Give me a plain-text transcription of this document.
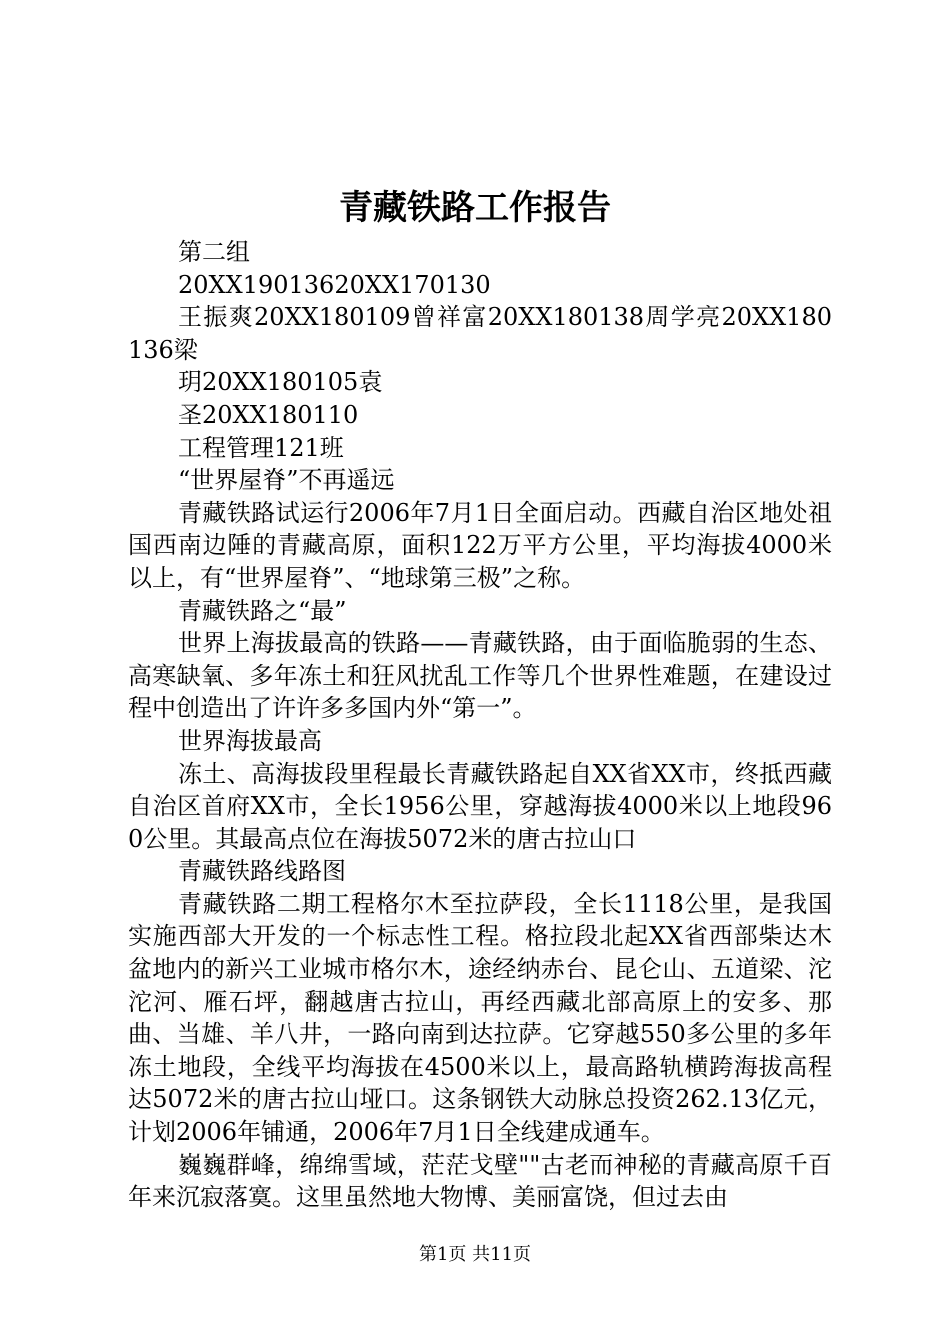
青藏铁路工作报告

第二组

20XX19013620XX170130

王振爽20XX180109曾祥富20XX180138周学亮20XX180136梁

玥20XX180105袁

圣20XX180110

工程管理121班

“世界屋脊”不再遥远

青藏铁路试运行2006年7月1日全面启动。西藏自治区地处祖国西南边陲的青藏高原，面积122万平方公里，平均海拔4000米以上，有“世界屋脊”、“地球第三极”之称。

青藏铁路之“最”

世界上海拔最高的铁路——青藏铁路，由于面临脆弱的生态、高寒缺氧、多年冻土和狂风扰乱工作等几个世界性难题，在建设过程中创造出了许许多多国内外“第一”。

世界海拔最高

冻土、高海拔段里程最长青藏铁路起自XX省XX市，终抵西藏自治区首府XX市，全长1956公里，穿越海拔4000米以上地段960公里。其最高点位在海拔5072米的唐古拉山口

青藏铁路线路图

青藏铁路二期工程格尔木至拉萨段，全长1118公里，是我国实施西部大开发的一个标志性工程。格拉段北起XX省西部柴达木盆地内的新兴工业城市格尔木，途经纳赤台、昆仑山、五道梁、沱沱河、雁石坪，翻越唐古拉山，再经西藏北部高原上的安多、那曲、当雄、羊八井，一路向南到达拉萨。它穿越550多公里的多年冻土地段，全线平均海拔在4500米以上，最高路轨横跨海拔高程达5072米的唐古拉山垭口。这条钢铁大动脉总投资262.13亿元，计划2006年铺通，2006年7月1日全线建成通车。

巍巍群峰，绵绵雪域，茫茫戈壁""古老而神秘的青藏高原千百年来沉寂落寞。这里虽然地大物博、美丽富饶，但过去由

第1页 共11页
